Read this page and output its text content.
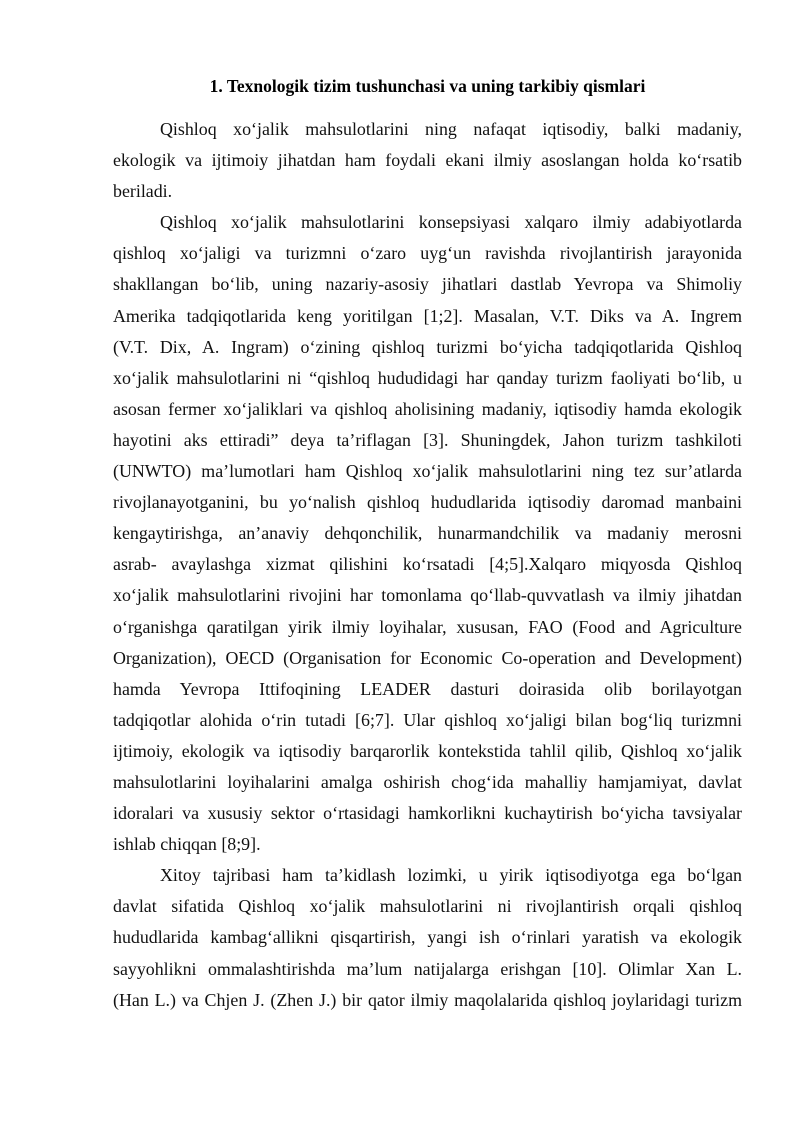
1. Texnologik tizim tushunchasi va uning tarkibiy qismlari
Qishloq xo‘jalik mahsulotlarini ning nafaqat iqtisodiy, balki madaniy,
ekologik va ijtimoiy jihatdan ham foydali ekani ilmiy asoslangan holda ko‘rsatib
beriladi.
Qishloq xo‘jalik mahsulotlarini konsepsiyasi xalqaro ilmiy adabiyotlarda
qishloq xo‘jaligi va turizmni o‘zaro uyg‘un ravishda rivojlantirish jarayonida
shakllangan bo‘lib, uning nazariy-asosiy jihatlari dastlab Yevropa va Shimoliy
Amerika tadqiqotlarida keng yoritilgan [1;2]. Masalan, V.T. Diks va A. Ingrem
(V.T. Dix, A. Ingram) o‘zining qishloq turizmi bo‘yicha tadqiqotlarida Qishloq
xo‘jalik mahsulotlarini ni “qishloq hududidagi har qanday turizm faoliyati bo‘lib, u
asosan fermer xo‘jaliklari va qishloq aholisining madaniy, iqtisodiy hamda ekologik
hayotini aks ettiradi” deya ta’riflagan [3]. Shuningdek, Jahon turizm tashkiloti
(UNWTO) ma’lumotlari ham Qishloq xo‘jalik mahsulotlarini ning tez sur’atlarda
rivojlanayotganini, bu yo‘nalish qishloq hududlarida iqtisodiy daromad manbaini
kengaytirishga, an’anaviy dehqonchilik, hunarmandchilik va madaniy merosni
asrab- avaylashga xizmat qilishini ko‘rsatadi [4;5].Xalqaro miqyosda Qishloq
xo‘jalik mahsulotlarini rivojini har tomonlama qo‘llab-quvvatlash va ilmiy jihatdan
o‘rganishga qaratilgan yirik ilmiy loyihalar, xususan, FAO (Food and Agriculture
Organization), OECD (Organisation for Economic Co-operation and Development)
hamda Yevropa Ittifoqining LEADER dasturi doirasida olib borilayotgan
tadqiqotlar alohida o‘rin tutadi [6;7]. Ular qishloq xo‘jaligi bilan bog‘liq turizmni
ijtimoiy, ekologik va iqtisodiy barqarorlik kontekstida tahlil qilib, Qishloq xo‘jalik
mahsulotlarini loyihalarini amalga oshirish chog‘ida mahalliy hamjamiyat, davlat
idoralari va xususiy sektor o‘rtasidagi hamkorlikni kuchaytirish bo‘yicha tavsiyalar
ishlab chiqqan [8;9].
Xitoy tajribasi ham ta’kidlash lozimki, u yirik iqtisodiyotga ega bo‘lgan
davlat sifatida Qishloq xo‘jalik mahsulotlarini ni rivojlantirish orqali qishloq
hududlarida kambag‘allikni qisqartirish, yangi ish o‘rinlari yaratish va ekologik
sayyohlikni ommalashtirishda ma’lum natijalarga erishgan [10]. Olimlar Xan L.
(Han L.) va Chjen J. (Zhen J.) bir qator ilmiy maqolalarida qishloq joylaridagi turizm
